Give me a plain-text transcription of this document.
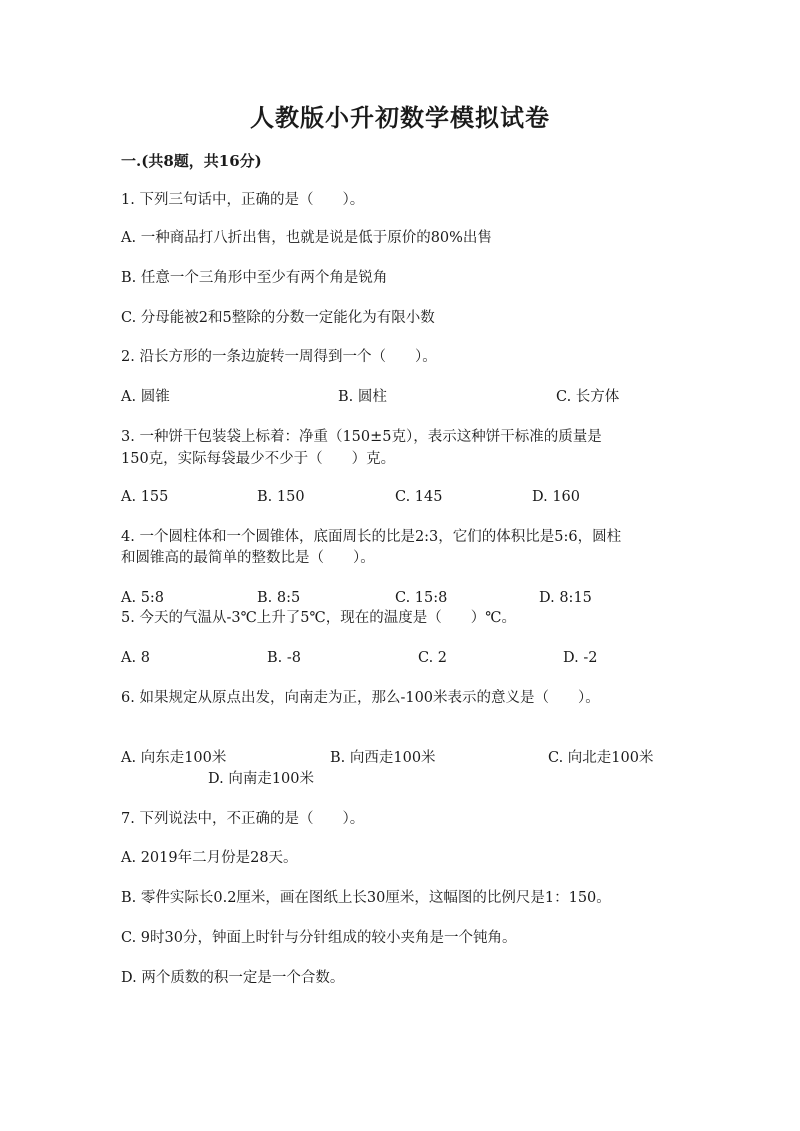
人教版小升初数学模拟试卷
一.(共8题，共16分)
1. 下列三句话中，正确的是（　　）。
A. 一种商品打八折出售，也就是说是低于原价的80%出售
B. 任意一个三角形中至少有两个角是锐角
C. 分母能被2和5整除的分数一定能化为有限小数
2. 沿长方形的一条边旋转一周得到一个（　　）。
A. 圆锥	B. 圆柱	C. 长方体
3. 一种饼干包装袋上标着：净重（150±5克），表示这种饼干标准的质量是
150克，实际每袋最少不少于（　　）克。
A. 155	B. 150	C. 145	D. 160
4. 一个圆柱体和一个圆锥体，底面周长的比是2:3，它们的体积比是5:6，圆柱
和圆锥高的最简单的整数比是（　　）。
A. 5:8	B. 8:5	C. 15:8	D. 8:15
5. 今天的气温从-3℃上升了5℃，现在的温度是（　　）℃。
A. 8	B. -8	C. 2	D. -2
6. 如果规定从原点出发，向南走为正，那么-100米表示的意义是（　　）。
A. 向东走100米	B. 向西走100米	C. 向北走100米
D. 向南走100米
7. 下列说法中，不正确的是（　　）。
A. 2019年二月份是28天。
B. 零件实际长0.2厘米，画在图纸上长30厘米，这幅图的比例尺是1：150。
C. 9时30分，钟面上时针与分针组成的较小夹角是一个钝角。
D. 两个质数的积一定是一个合数。
